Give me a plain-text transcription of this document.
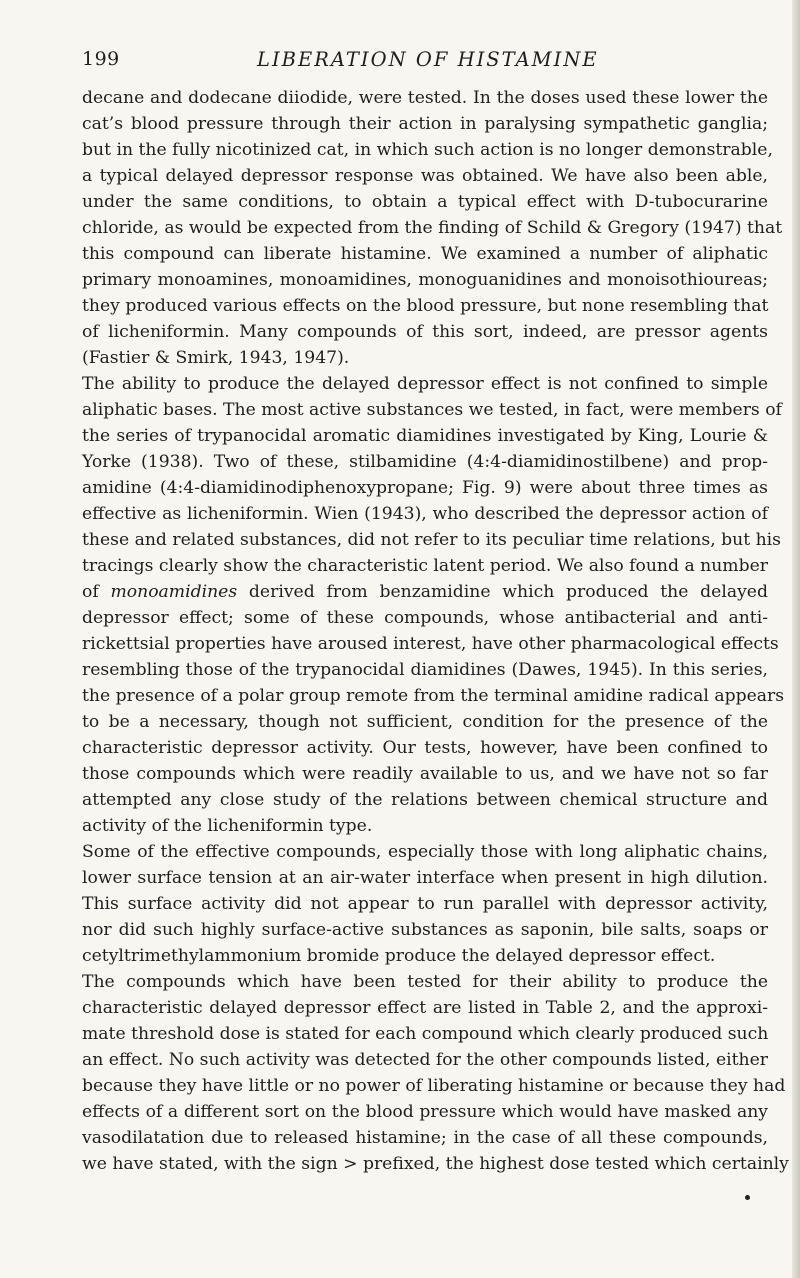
199	LIBERATION OF HISTAMINE
decane and dodecane diiodide, were tested. In the doses used these lower the
cat’s blood pressure through their action in paralysing sympathetic ganglia;
but in the fully nicotinized cat, in which such action is no longer demonstrable,
a typical delayed depressor response was obtained. We have also been able,
under the same conditions, to obtain a typical effect with D-tubocurarine
chloride, as would be expected from the finding of Schild & Gregory (1947) that
this compound can liberate histamine. We examined a number of aliphatic
primary monoamines, monoamidines, monoguanidines and monoisothioureas;
they produced various effects on the blood pressure, but none resembling that
of licheniformin. Many compounds of this sort, indeed, are pressor agents
(Fastier & Smirk, 1943, 1947).
The ability to produce the delayed depressor effect is not confined to simple
aliphatic bases. The most active substances we tested, in fact, were members of
the series of trypanocidal aromatic diamidines investigated by King, Lourie &
Yorke (1938). Two of these, stilbamidine (4:4-diamidinostilbene) and prop-
amidine (4:4-diamidinodiphenoxypropane; Fig. 9) were about three times as
effective as licheniformin. Wien (1943), who described the depressor action of
these and related substances, did not refer to its peculiar time relations, but his
tracings clearly show the characteristic latent period. We also found a number
of monoamidines derived from benzamidine which produced the delayed
depressor effect; some of these compounds, whose antibacterial and anti-
rickettsial properties have aroused interest, have other pharmacological effects
resembling those of the trypanocidal diamidines (Dawes, 1945). In this series,
the presence of a polar group remote from the terminal amidine radical appears
to be a necessary, though not sufficient, condition for the presence of the
characteristic depressor activity. Our tests, however, have been confined to
those compounds which were readily available to us, and we have not so far
attempted any close study of the relations between chemical structure and
activity of the licheniformin type.
Some of the effective compounds, especially those with long aliphatic chains,
lower surface tension at an air-water interface when present in high dilution.
This surface activity did not appear to run parallel with depressor activity,
nor did such highly surface-active substances as saponin, bile salts, soaps or
cetyltrimethylammonium bromide produce the delayed depressor effect.
The compounds which have been tested for their ability to produce the
characteristic delayed depressor effect are listed in Table 2, and the approxi-
mate threshold dose is stated for each compound which clearly produced such
an effect. No such activity was detected for the other compounds listed, either
because they have little or no power of liberating histamine or because they had
effects of a different sort on the blood pressure which would have masked any
vasodilatation due to released histamine; in the case of all these compounds,
we have stated, with the sign > prefixed, the highest dose tested which certainly
